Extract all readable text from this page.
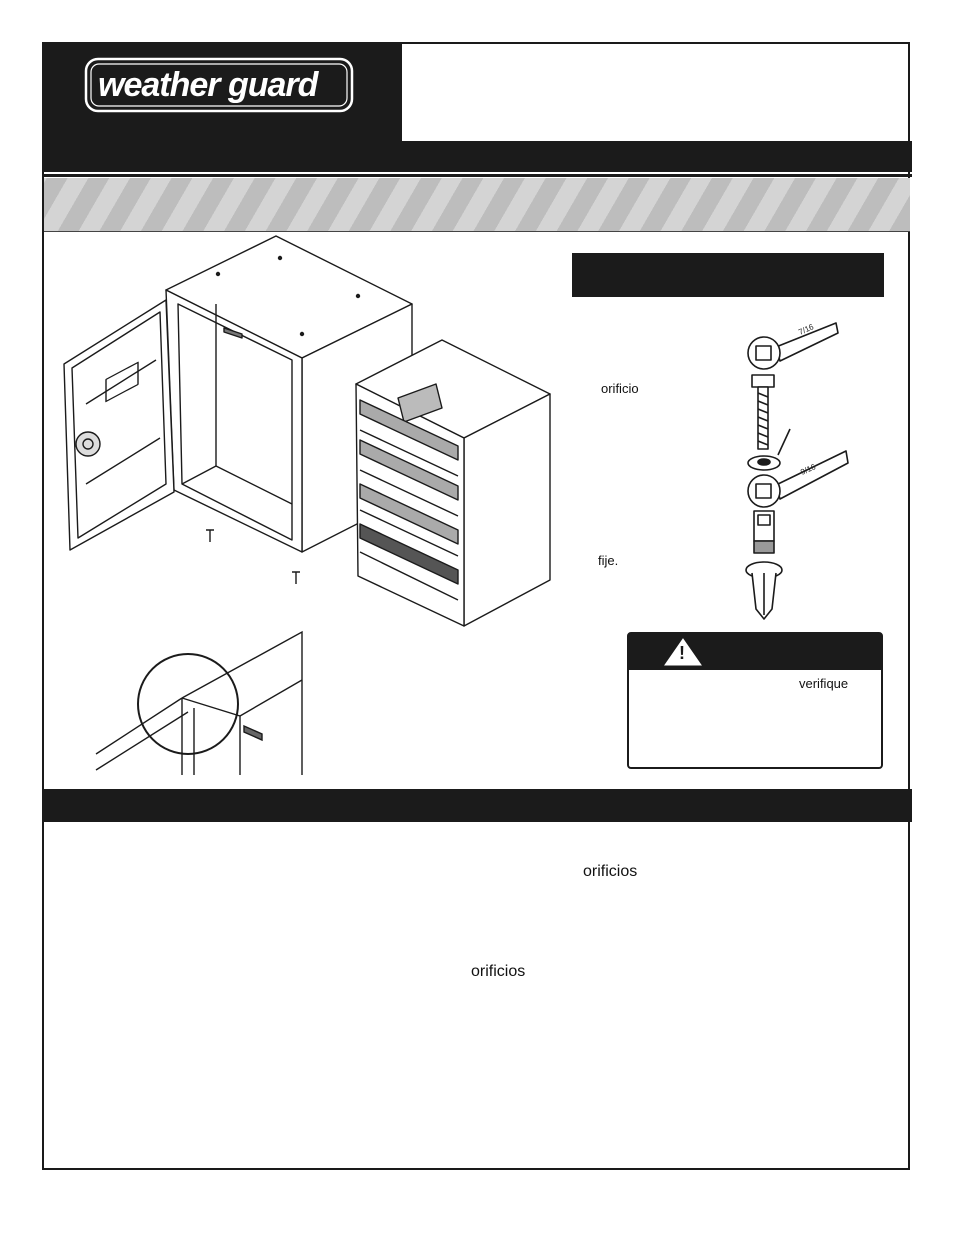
weather guard
orificio
fije.
7/16
9/16
!
verifique
orificios
orificios
